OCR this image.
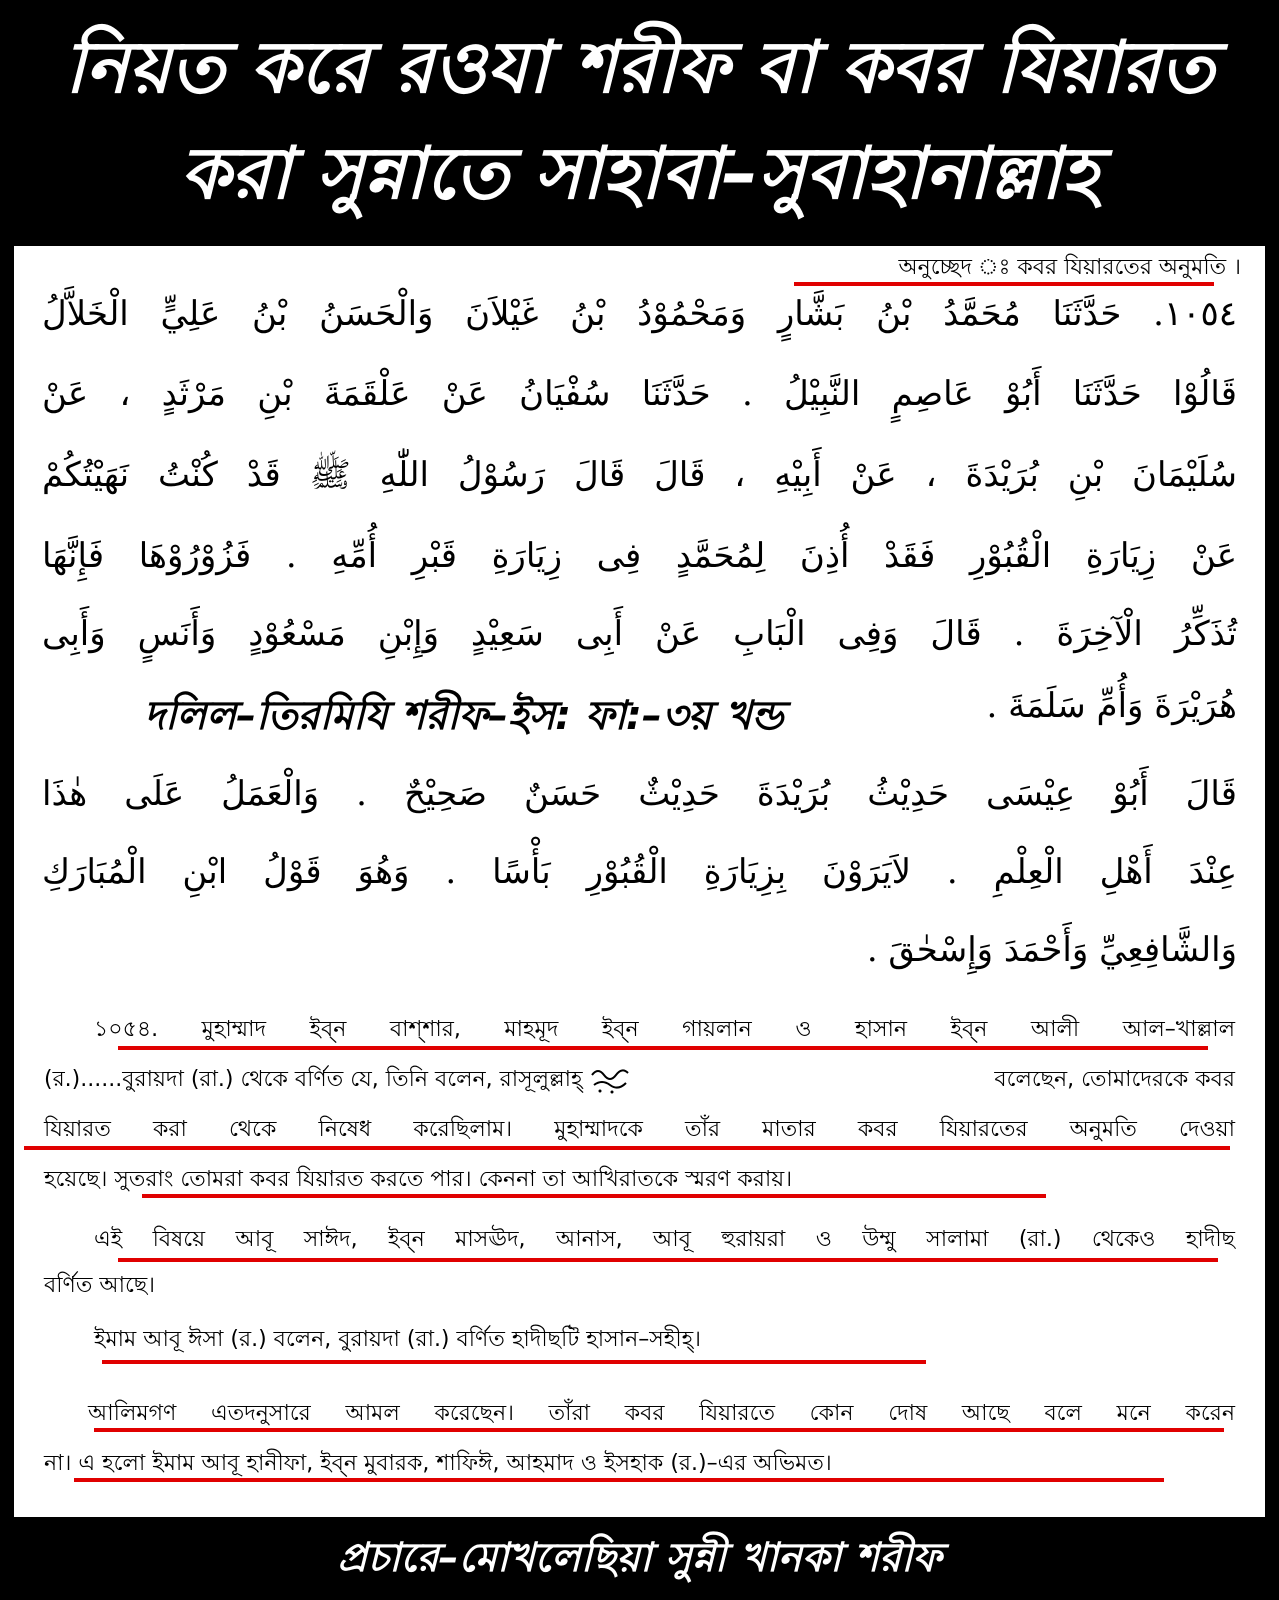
নিয়ত করে রওযা শরীফ বা কবর যিয়ারত
করা সুন্নাতে সাহাবা–সুবাহানাল্লাহ
অনুচ্ছেদ ঃ কবর যিয়ারতের অনুমতি ।
١٠٥٤. حَدَّثَنَا مُحَمَّدُ بْنُ بَشَّارٍ وَمَحْمُوْدُ بْنُ غَيْلاَنَ وَالْحَسَنُ بْنُ عَلِيٍّ الْخَلاَّلُ
قَالُوْا حَدَّثَنَا أَبُوْ عَاصِمٍ النَّبِيْلُ . حَدَّثَنَا سُفْيَانُ عَنْ عَلْقَمَةَ بْنِ مَرْثَدٍ ، عَنْ
سُلَيْمَانَ بْنِ بُرَيْدَةَ ، عَنْ أَبِيْهِ ، قَالَ قَالَ رَسُوْلُ اللّٰهِ ﷺ قَدْ كُنْتُ نَهَيْتُكُمْ
عَنْ زِيَارَةِ الْقُبُوْرِ فَقَدْ أُذِنَ لِمُحَمَّدٍ فِى زِيَارَةِ قَبْرِ أُمِّهِ . فَزُوْرُوْهَا فَإِنَّهَا
تُذَكِّرُ الْآخِرَةَ . قَالَ وَفِى الْبَابِ عَنْ أَبِى سَعِيْدٍ وَإِبْنِ مَسْعُوْدٍ وَأَنَسٍ وَأَبِى
দলিল–তিরমিযি শরীফ–ইস: ফা:–৩য় খন্ড	هُرَيْرَةَ وَأُمِّ سَلَمَةَ .
قَالَ أَبُوْ عِيْسَى حَدِيْثُ بُرَيْدَةَ حَدِيْثٌ حَسَنٌ صَحِيْحٌ . وَالْعَمَلُ عَلَى هٰذَا
عِنْدَ أَهْلِ الْعِلْمِ . لاَيَرَوْنَ بِزِيَارَةِ الْقُبُوْرِ بَأْسًا . وَهُوَ قَوْلُ ابْنِ الْمُبَارَكِ
وَالشَّافِعِيِّ وَأَحْمَدَ وَإِسْحٰقَ .
১০৫৪. মুহাম্মাদ ইব্‌ন বাশ্‌শার, মাহমূদ ইব্‌ন গায়লান ও হাসান ইব্‌ন আলী আল–খাল্লাল
(র.)......বুরায়দা (রা.) থেকে বর্ণিত যে, তিনি বলেন, রাসূলুল্লাহ্‌	বলেছেন, তোমাদেরকে কবর
যিয়ারত করা থেকে নিষেধ করেছিলাম। মুহাম্মাদকে তাঁর মাতার কবর যিয়ারতের অনুমতি দেওয়া
হয়েছে। সুতরাং তোমরা কবর যিয়ারত করতে পার। কেননা তা আখিরাতকে স্মরণ করায়।
এই বিষয়ে আবূ সাঈদ, ইব্‌ন মাসঊদ, আনাস, আবূ হুরায়রা ও উম্মু সালামা (রা.) থেকেও হাদীছ
বর্ণিত আছে।
ইমাম আবূ ঈসা (র.) বলেন, বুরায়দা (রা.) বর্ণিত হাদীছটি হাসান–সহীহ্‌।
আলিমগণ এতদনুসারে আমল করেছেন। তাঁরা কবর যিয়ারতে কোন দোষ আছে বলে মনে করেন
না। এ হলো ইমাম আবূ হানীফা, ইব্‌ন মুবারক, শাফিঈ, আহমাদ ও ইসহাক (র.)–এর অভিমত।
প্রচারে–মোখলেছিয়া সুন্নী খানকা শরীফ
